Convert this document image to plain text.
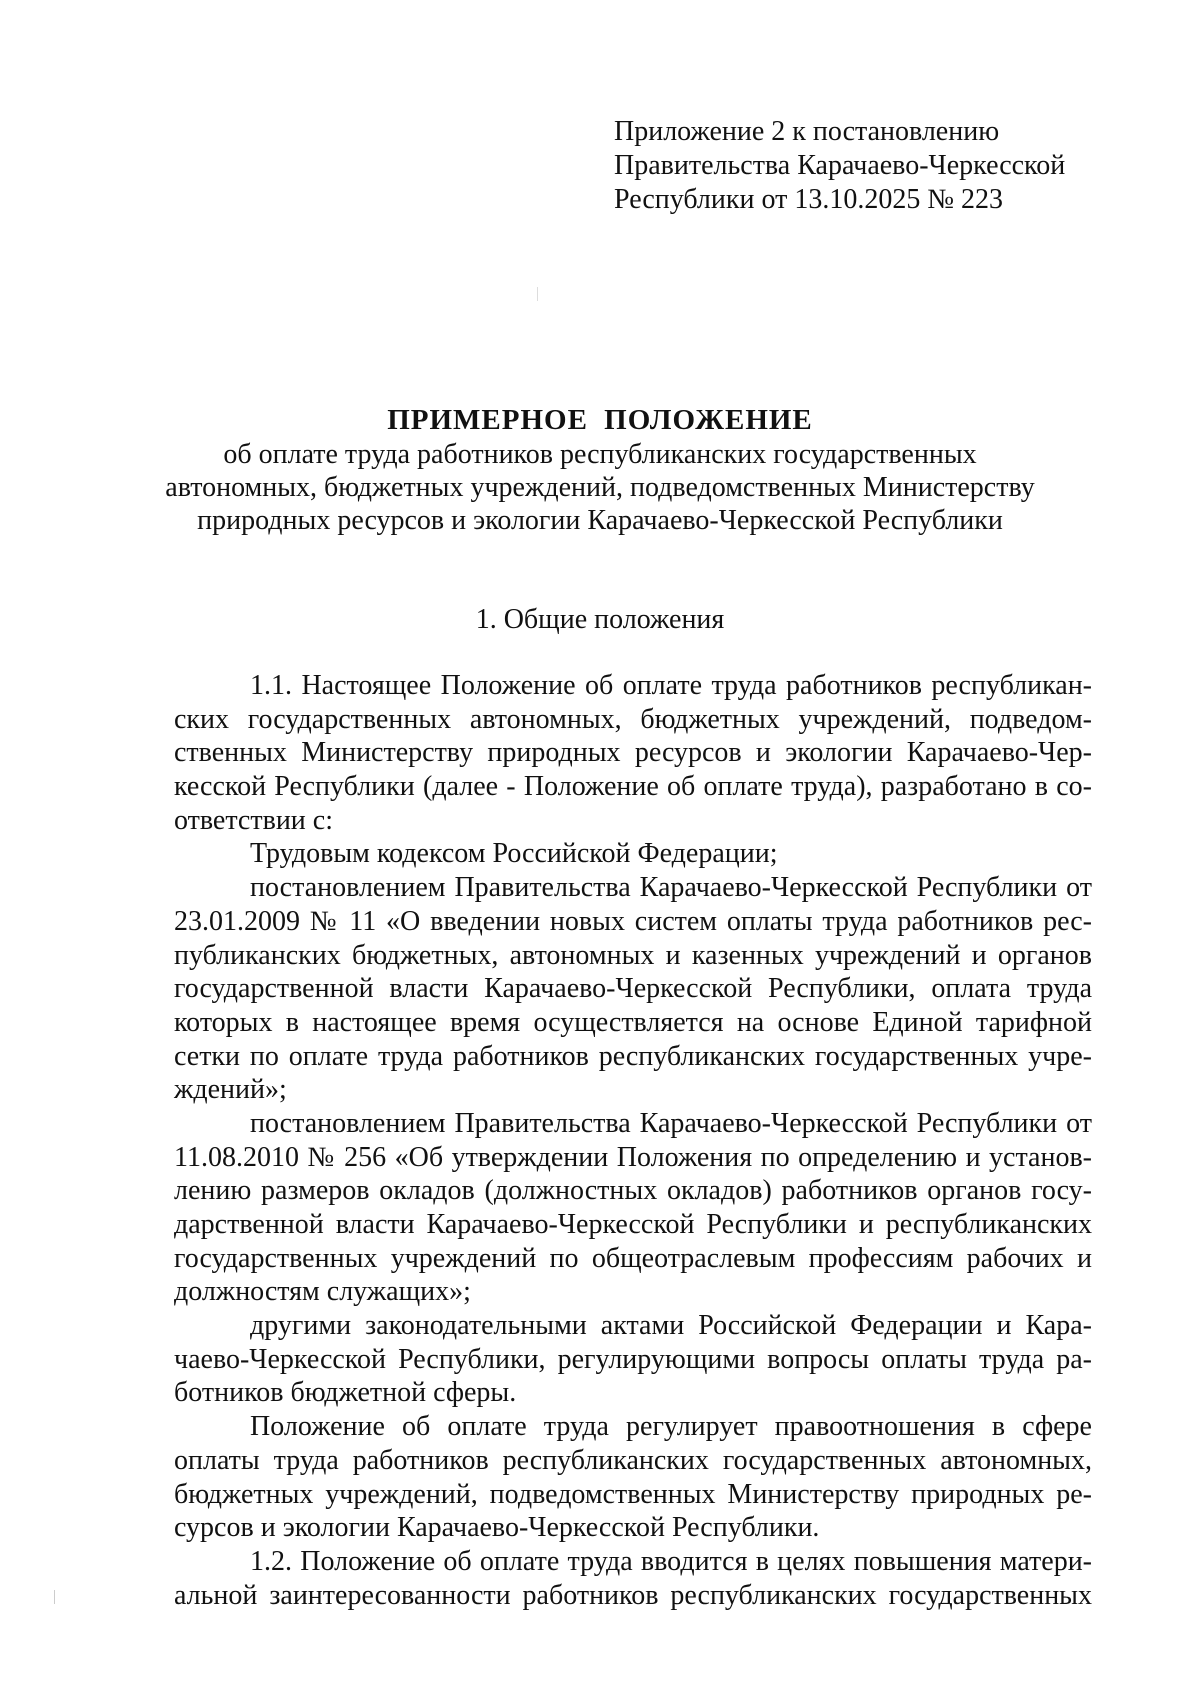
Приложение 2 к постановлению
Правительства Карачаево-Черкесской
Республики от 13.10.2025 № 223
ПРИМЕРНОЕ ПОЛОЖЕНИЕ
об оплате труда работников республиканских государственных
автономных, бюджетных учреждений, подведомственных Министерству
природных ресурсов и экологии Карачаево-Черкесской Республики
1. Общие положения
1.1. Настоящее Положение об оплате труда работников республикан-
ских государственных автономных, бюджетных учреждений, подведом-
ственных Министерству природных ресурсов и экологии Карачаево-Чер-
кесской Республики (далее - Положение об оплате труда), разработано в со-
ответствии с:
Трудовым кодексом Российской Федерации;
постановлением Правительства Карачаево-Черкесской Республики от
23.01.2009 № 11 «О введении новых систем оплаты труда работников рес-
публиканских бюджетных, автономных и казенных учреждений и органов
государственной власти Карачаево-Черкесской Республики, оплата труда
которых в настоящее время осуществляется на основе Единой тарифной
сетки по оплате труда работников республиканских государственных учре-
ждений»;
постановлением Правительства Карачаево-Черкесской Республики от
11.08.2010 № 256 «Об утверждении Положения по определению и установ-
лению размеров окладов (должностных окладов) работников органов госу-
дарственной власти Карачаево-Черкесской Республики и республиканских
государственных учреждений по общеотраслевым профессиям рабочих и
должностям служащих»;
другими законодательными актами Российской Федерации и Кара-
чаево-Черкесской Республики, регулирующими вопросы оплаты труда ра-
ботников бюджетной сферы.
Положение об оплате труда регулирует правоотношения в сфере
оплаты труда работников республиканских государственных автономных,
бюджетных учреждений, подведомственных Министерству природных ре-
сурсов и экологии Карачаево-Черкесской Республики.
1.2. Положение об оплате труда вводится в целях повышения матери-
альной заинтересованности работников республиканских государственных
